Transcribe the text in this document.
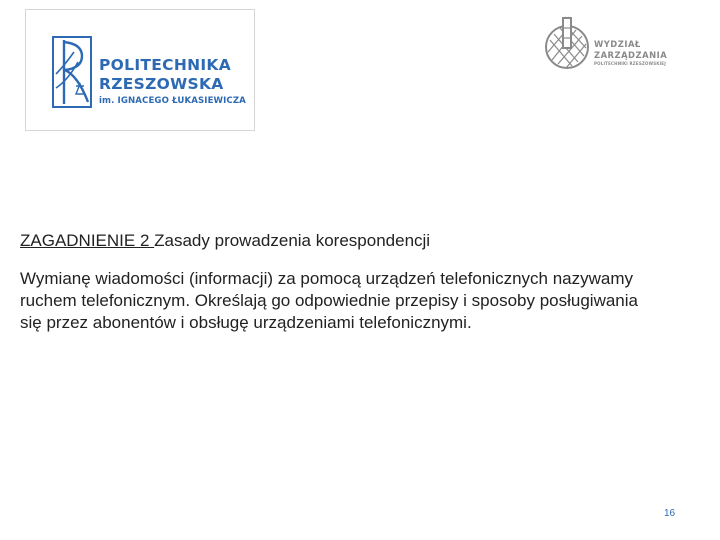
POLITECHNIKA
RZESZOWSKA
im. IGNACEGO ŁUKASIEWICZA
WYDZIAŁ
ZARZĄDZANIA
POLITECHNIKI RZESZOWSKIEJ

ZAGADNIENIE 2 Zasady prowadzenia korespondencji

Wymianę wiadomości (informacji) za pomocą urządzeń telefonicznych nazywamy ruchem telefonicznym. Określają go odpowiednie przepisy i sposoby posługiwania się przez abonentów i obsługę urządzeniami telefonicznymi.

16
